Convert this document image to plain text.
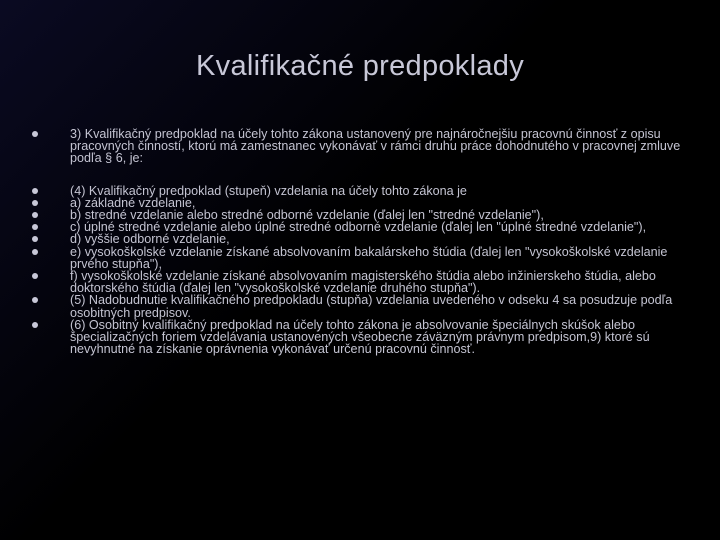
Kvalifikačné predpoklady
3) Kvalifikačný predpoklad na účely tohto zákona ustanovený pre najnáročnejšiu pracovnú činnosť z opisu pracovných činností, ktorú má zamestnanec vykonávať v rámci druhu práce dohodnutého v pracovnej zmluve podľa § 6, je:
(4) Kvalifikačný predpoklad (stupeň) vzdelania na účely tohto zákona je
a) základné vzdelanie,
b) stredné vzdelanie alebo stredné odborné vzdelanie (ďalej len "stredné vzdelanie"),
c) úplné stredné vzdelanie alebo úplné stredné odborné vzdelanie (ďalej len "úplné stredné vzdelanie"),
d) vyššie odborné vzdelanie,
e) vysokoškolské vzdelanie získané absolvovaním bakalárskeho štúdia (ďalej len "vysokoškolské vzdelanie prvého stupňa"),
f) vysokoškolské vzdelanie získané absolvovaním magisterského štúdia alebo inžinierskeho štúdia, alebo doktorského štúdia (ďalej len "vysokoškolské vzdelanie druhého stupňa").
(5) Nadobudnutie kvalifikačného predpokladu (stupňa) vzdelania uvedeného v odseku 4 sa posudzuje podľa osobitných predpisov.
(6) Osobitný kvalifikačný predpoklad na účely tohto zákona je absolvovanie špeciálnych skúšok alebo špecializačných foriem vzdelávania ustanovených všeobecne záväzným právnym predpisom,9) ktoré sú nevyhnutné na získanie oprávnenia vykonávať určenú pracovnú činnosť.
